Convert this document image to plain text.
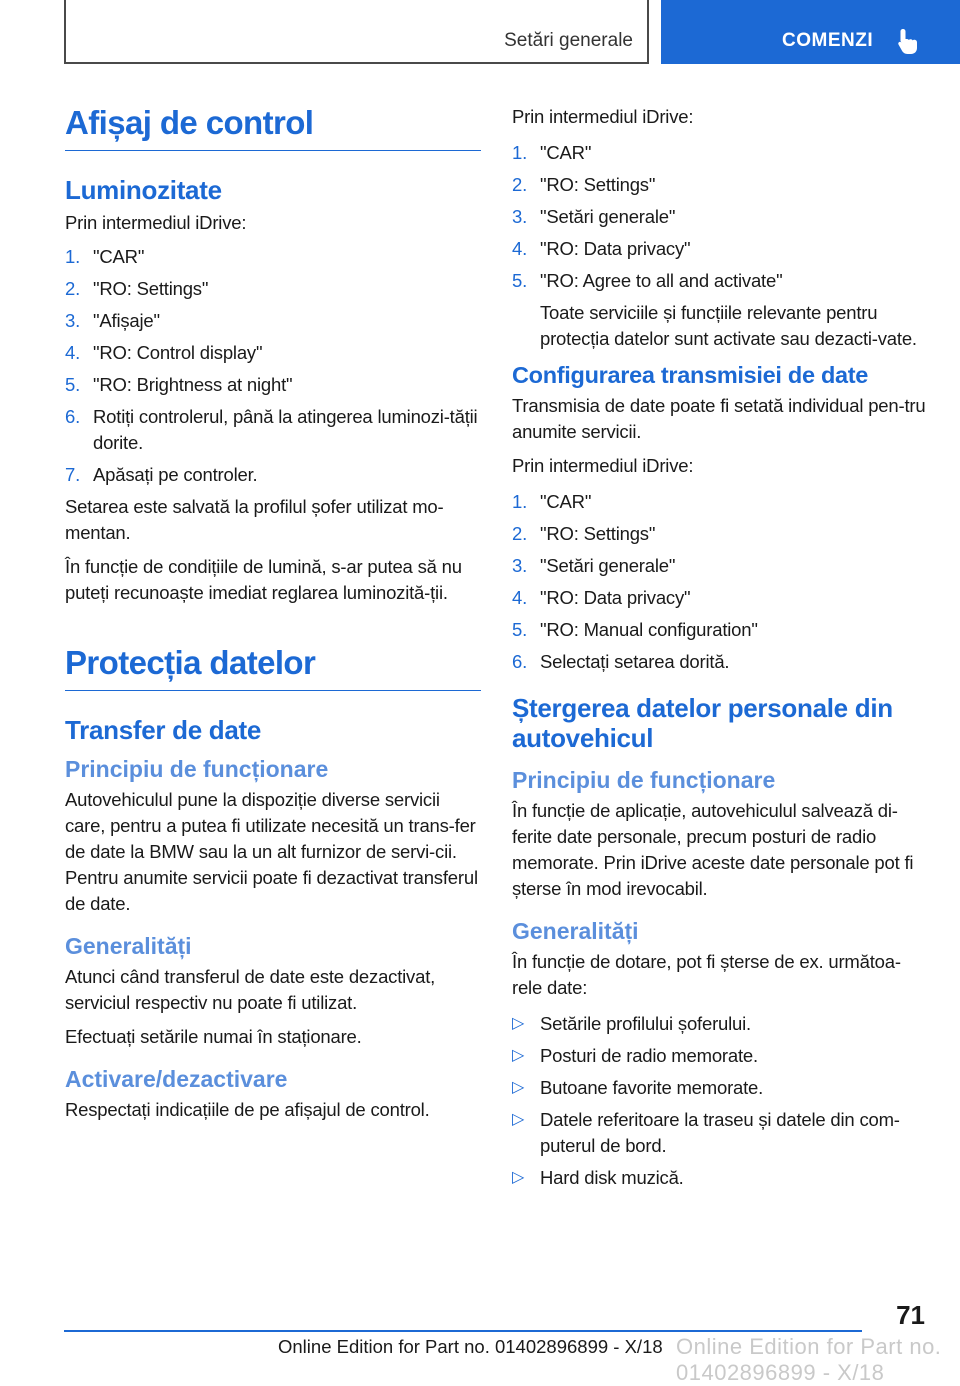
Setări generale	COMENZI
Afișaj de control
Luminozitate

Prin intermediul iDrive:

1. "CAR"
2. "RO: Settings"
3. "Afișaje"
4. "RO: Control display"
5. "RO: Brightness at night"
6. Rotiți controlerul, până la atingerea luminozi-tății dorite.
7. Apăsați pe controler.

Setarea este salvată la profilul șofer utilizat mo-mentan.

În funcție de condițiile de lumină, s-ar putea să nu puteți recunoaște imediat reglarea luminozită-ții.

Protecția datelor
Transfer de date
Principiu de funcționare

Autovehiculul pune la dispoziție diverse servicii care, pentru a putea fi utilizate necesită un trans-fer de date la BMW sau la un alt furnizor de servi-cii. Pentru anumite servicii poate fi dezactivat transferul de date.

Generalități

Atunci când transferul de date este dezactivat, serviciul respectiv nu poate fi utilizat.

Efectuați setările numai în staționare.

Activare/dezactivare

Respectați indicațiile de pe afișajul de control.

Prin intermediul iDrive:

1. "CAR"
2. "RO: Settings"
3. "Setări generale"
4. "RO: Data privacy"
5. "RO: Agree to all and activate"
Toate serviciile și funcțiile relevante pentru protecția datelor sunt activate sau dezacti-vate.
Configurarea transmisiei de date

Transmisia de date poate fi setată individual pen-tru anumite servicii.

Prin intermediul iDrive:

1. "CAR"
2. "RO: Settings"
3. "Setări generale"
4. "RO: Data privacy"
5. "RO: Manual configuration"
6. Selectați setarea dorită.
Ștergerea datelor personale din autovehicul
Principiu de funcționare

În funcție de aplicație, autovehiculul salvează di-ferite date personale, precum posturi de radio memorate. Prin iDrive aceste date personale pot fi șterse în mod irevocabil.

Generalități

În funcție de dotare, pot fi șterse de ex. următoa-rele date:

▷ Setările profilului șoferului.
▷ Posturi de radio memorate.
▷ Butoane favorite memorate.
▷ Datele referitoare la traseu și datele din com-puterul de bord.
▷ Hard disk muzică.
71
Online Edition for Part no. 01402896899 - X/18 Online Edition for Part no. 01402896899 - X/18
